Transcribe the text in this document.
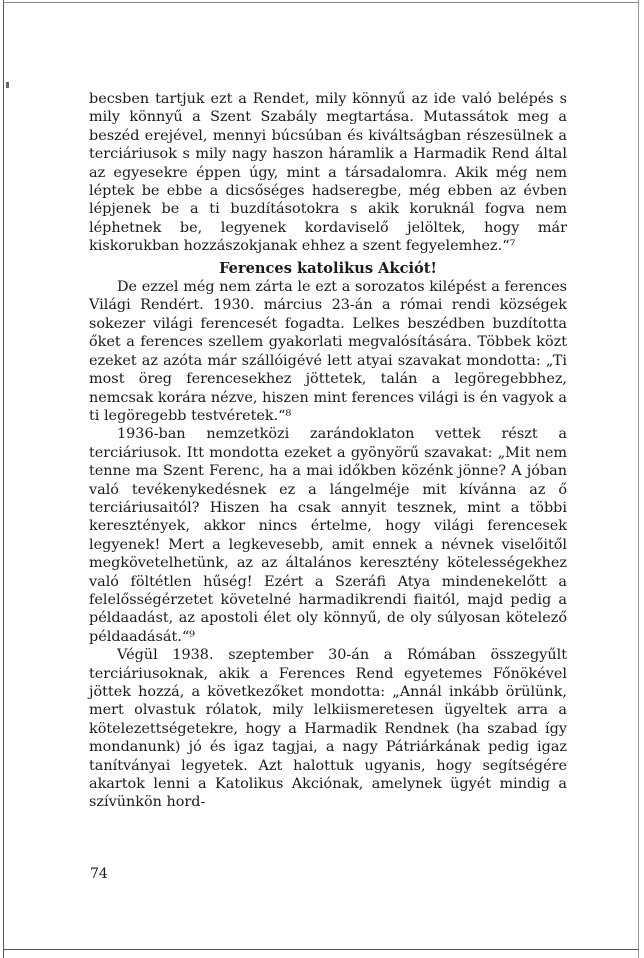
becsben tartjuk ezt a Rendet, mily könnyű az ide való belépés s mily könnyű a Szent Szabály megtartása. Mutassátok meg a beszéd erejével, mennyi búcsúban és kiváltságban részesülnek a terciáriusok s mily nagy haszon háramlik a Harmadik Rend által az egyesekre éppen úgy, mint a társadalomra. Akik még nem léptek be ebbe a dicsőséges hadseregbe, még ebben az évben lépjenek be a ti buzdításotokra s akik koruknál fogva nem léphetnek be, legyenek kordaviselő jelöltek, hogy már kiskorukban hozzászokjanak ehhez a szent fegyelemhez.“⁷

Ferences katolikus Akciót!

De ezzel még nem zárta le ezt a sorozatos kilépést a ferences Világi Rendért. 1930. március 23-án a római rendi községek sokezer világi ferencesét fogadta. Lelkes beszédben buzdította őket a ferences szellem gyakorlati megvalósítására. Többek közt ezeket az azóta már szállóigévé lett atyai szavakat mondotta: „Ti most öreg ferencesekhez jöttetek, talán a legöregebbhez, nemcsak korára nézve, hiszen mint ferences világi is én vagyok a ti legöregebb testvéretek.“⁸

1936-ban nemzetközi zarándoklaton vettek részt a terciáriusok. Itt mondotta ezeket a gyönyörű szavakat: „Mit nem tenne ma Szent Ferenc, ha a mai időkben közénk jönne? A jóban való tevékenykedésnek ez a lángelméje mit kívánna az ő terciáriusaitól? Hiszen ha csak annyit tesznek, mint a többi keresztények, akkor nincs értelme, hogy világi ferencesek legyenek! Mert a legkevesebb, amit ennek a névnek viselőitől megkövetelhetünk, az az általános keresztény kötelességekhez való föltétlen hűség! Ezért a Szeráfi Atya mindenekelőtt a felelősségérzetet követelné harmadikrendi fiaitól, majd pedig a példaadást, az apostoli élet oly könnyű, de oly súlyosan kötelező példaadását.“⁹

Végül 1938. szeptember 30-án a Rómában összegyűlt terciáriusoknak, akik a Ferences Rend egyetemes Főnökével jöttek hozzá, a következőket mondotta: „Annál inkább örülünk, mert olvastuk rólatok, mily lelkiismeretesen ügyeltek arra a kötelezettségetekre, hogy a Harmadik Rendnek (ha szabad így mondanunk) jó és igaz tagjai, a nagy Pátriárkának pedig igaz tanítványai legyetek. Azt halottuk ugyanis, hogy segítségére akartok lenni a Katolikus Akciónak, amelynek ügyét mindig a szívünkön hord-

74
